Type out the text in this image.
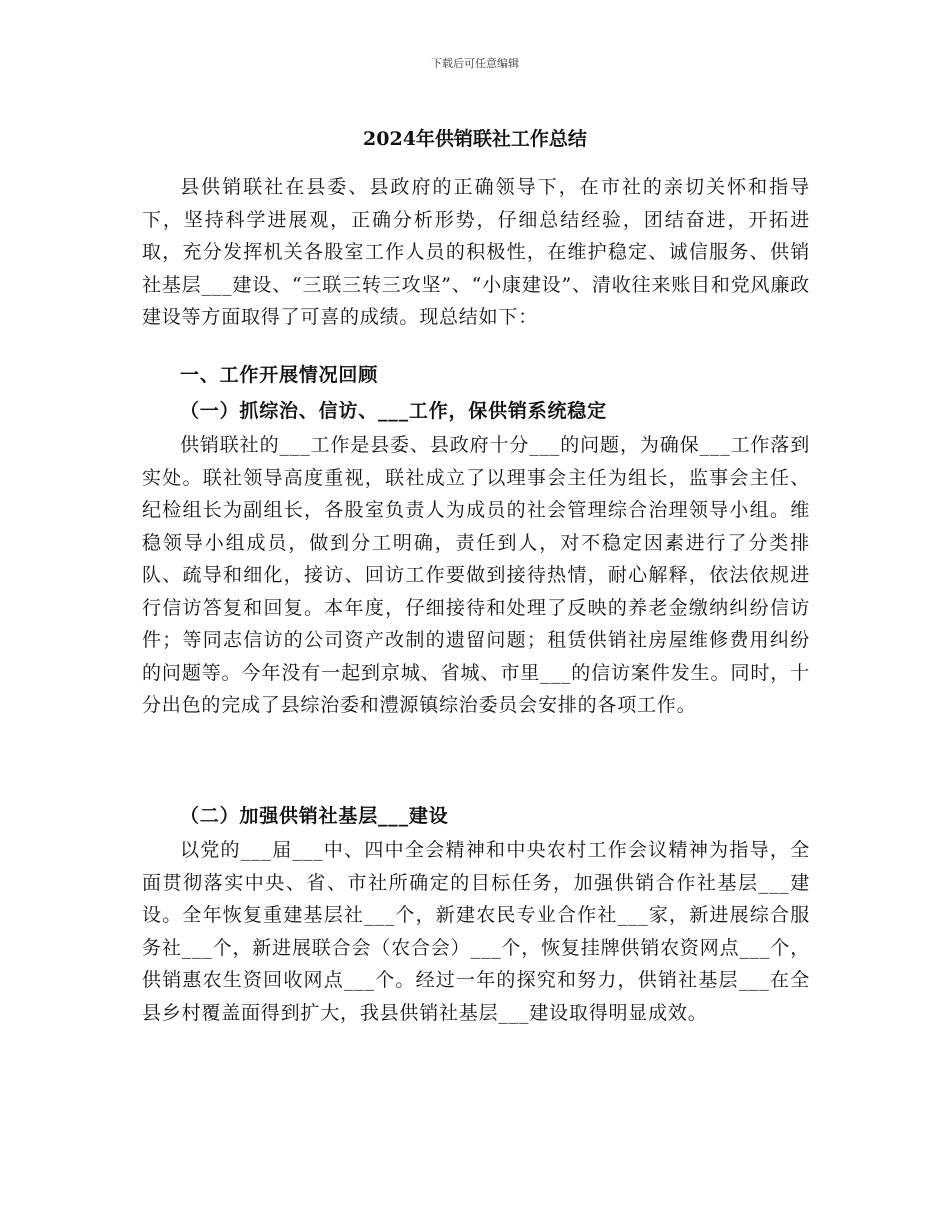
下载后可任意编辑
2024年供销联社工作总结

县供销联社在县委、县政府的正确领导下，在市社的亲切关怀和指导下，坚持科学进展观，正确分析形势，仔细总结经验，团结奋进，开拓进取，充分发挥机关各股室工作人员的积极性，在维护稳定、诚信服务、供销社基层___建设、“三联三转三攻坚”、“小康建设”、清收往来账目和党风廉政建设等方面取得了可喜的成绩。现总结如下：

一、工作开展情况回顾

（一）抓综治、信访、___工作，保供销系统稳定

供销联社的___工作是县委、县政府十分___的问题，为确保___工作落到实处。联社领导高度重视，联社成立了以理事会主任为组长，监事会主任、纪检组长为副组长，各股室负责人为成员的社会管理综合治理领导小组。维稳领导小组成员，做到分工明确，责任到人，对不稳定因素进行了分类排队、疏导和细化，接访、回访工作要做到接待热情，耐心解释，依法依规进行信访答复和回复。本年度，仔细接待和处理了反映的养老金缴纳纠纷信访件；等同志信访的公司资产改制的遗留问题；租赁供销社房屋维修费用纠纷的问题等。今年没有一起到京城、省城、市里___的信访案件发生。同时，十分出色的完成了县综治委和澧源镇综治委员会安排的各项工作。

（二）加强供销社基层___建设

以党的___届___中、四中全会精神和中央农村工作会议精神为指导，全面贯彻落实中央、省、市社所确定的目标任务，加强供销合作社基层___建设。全年恢复重建基层社___个，新建农民专业合作社___家，新进展综合服务社___个，新进展联合会（农合会）___个，恢复挂牌供销农资网点___个，供销惠农生资回收网点___个。经过一年的探究和努力，供销社基层___在全县乡村覆盖面得到扩大，我县供销社基层___建设取得明显成效。
